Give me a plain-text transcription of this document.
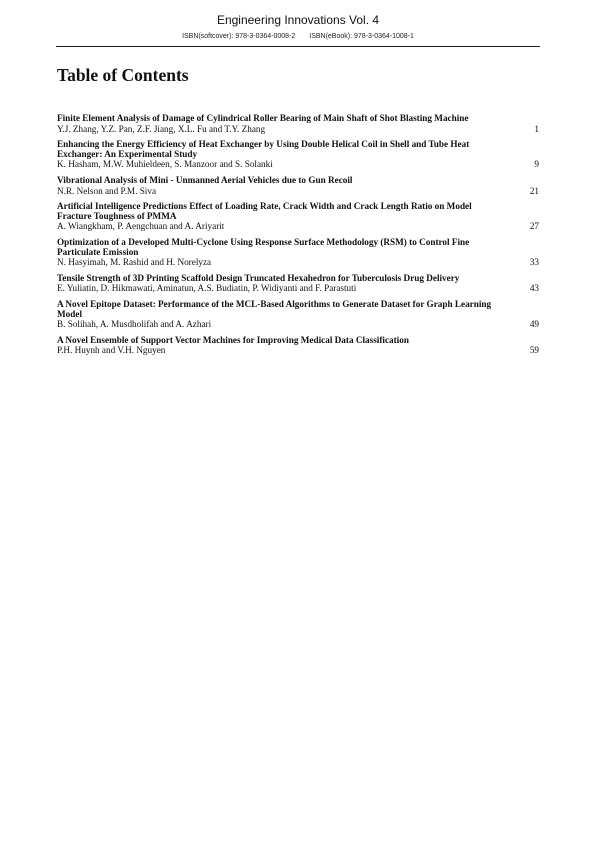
Engineering Innovations Vol. 4
ISBN(softcover): 978-3-0364-0008-2 ISBN(eBook): 978-3-0364-1008-1
Table of Contents
Finite Element Analysis of Damage of Cylindrical Roller Bearing of Main Shaft of Shot Blasting Machine
Y.J. Zhang, Y.Z. Pan, Z.F. Jiang, X.L. Fu and T.Y. Zhang	1
Enhancing the Energy Efficiency of Heat Exchanger by Using Double Helical Coil in Shell and Tube Heat Exchanger: An Experimental Study
K. Hasham, M.W. Muhieldeen, S. Manzoor and S. Solanki	9
Vibrational Analysis of Mini - Unmanned Aerial Vehicles due to Gun Recoil
N.R. Nelson and P.M. Siva	21
Artificial Intelligence Predictions Effect of Loading Rate, Crack Width and Crack Length Ratio on Model Fracture Toughness of PMMA
A. Wiangkham, P. Aengchuan and A. Ariyarit	27
Optimization of a Developed Multi-Cyclone Using Response Surface Methodology (RSM) to Control Fine Particulate Emission
N. Hasyimah, M. Rashid and H. Norelyza	33
Tensile Strength of 3D Printing Scaffold Design Truncated Hexahedron for Tuberculosis Drug Delivery
E. Yuliatin, D. Hikmawati, Aminatun, A.S. Budiatin, P. Widiyanti and F. Parastuti	43
A Novel Epitope Dataset: Performance of the MCL-Based Algorithms to Generate Dataset for Graph Learning Model
B. Solihah, A. Musdholifah and A. Azhari	49
A Novel Ensemble of Support Vector Machines for Improving Medical Data Classification
P.H. Huynh and V.H. Nguyen	59
